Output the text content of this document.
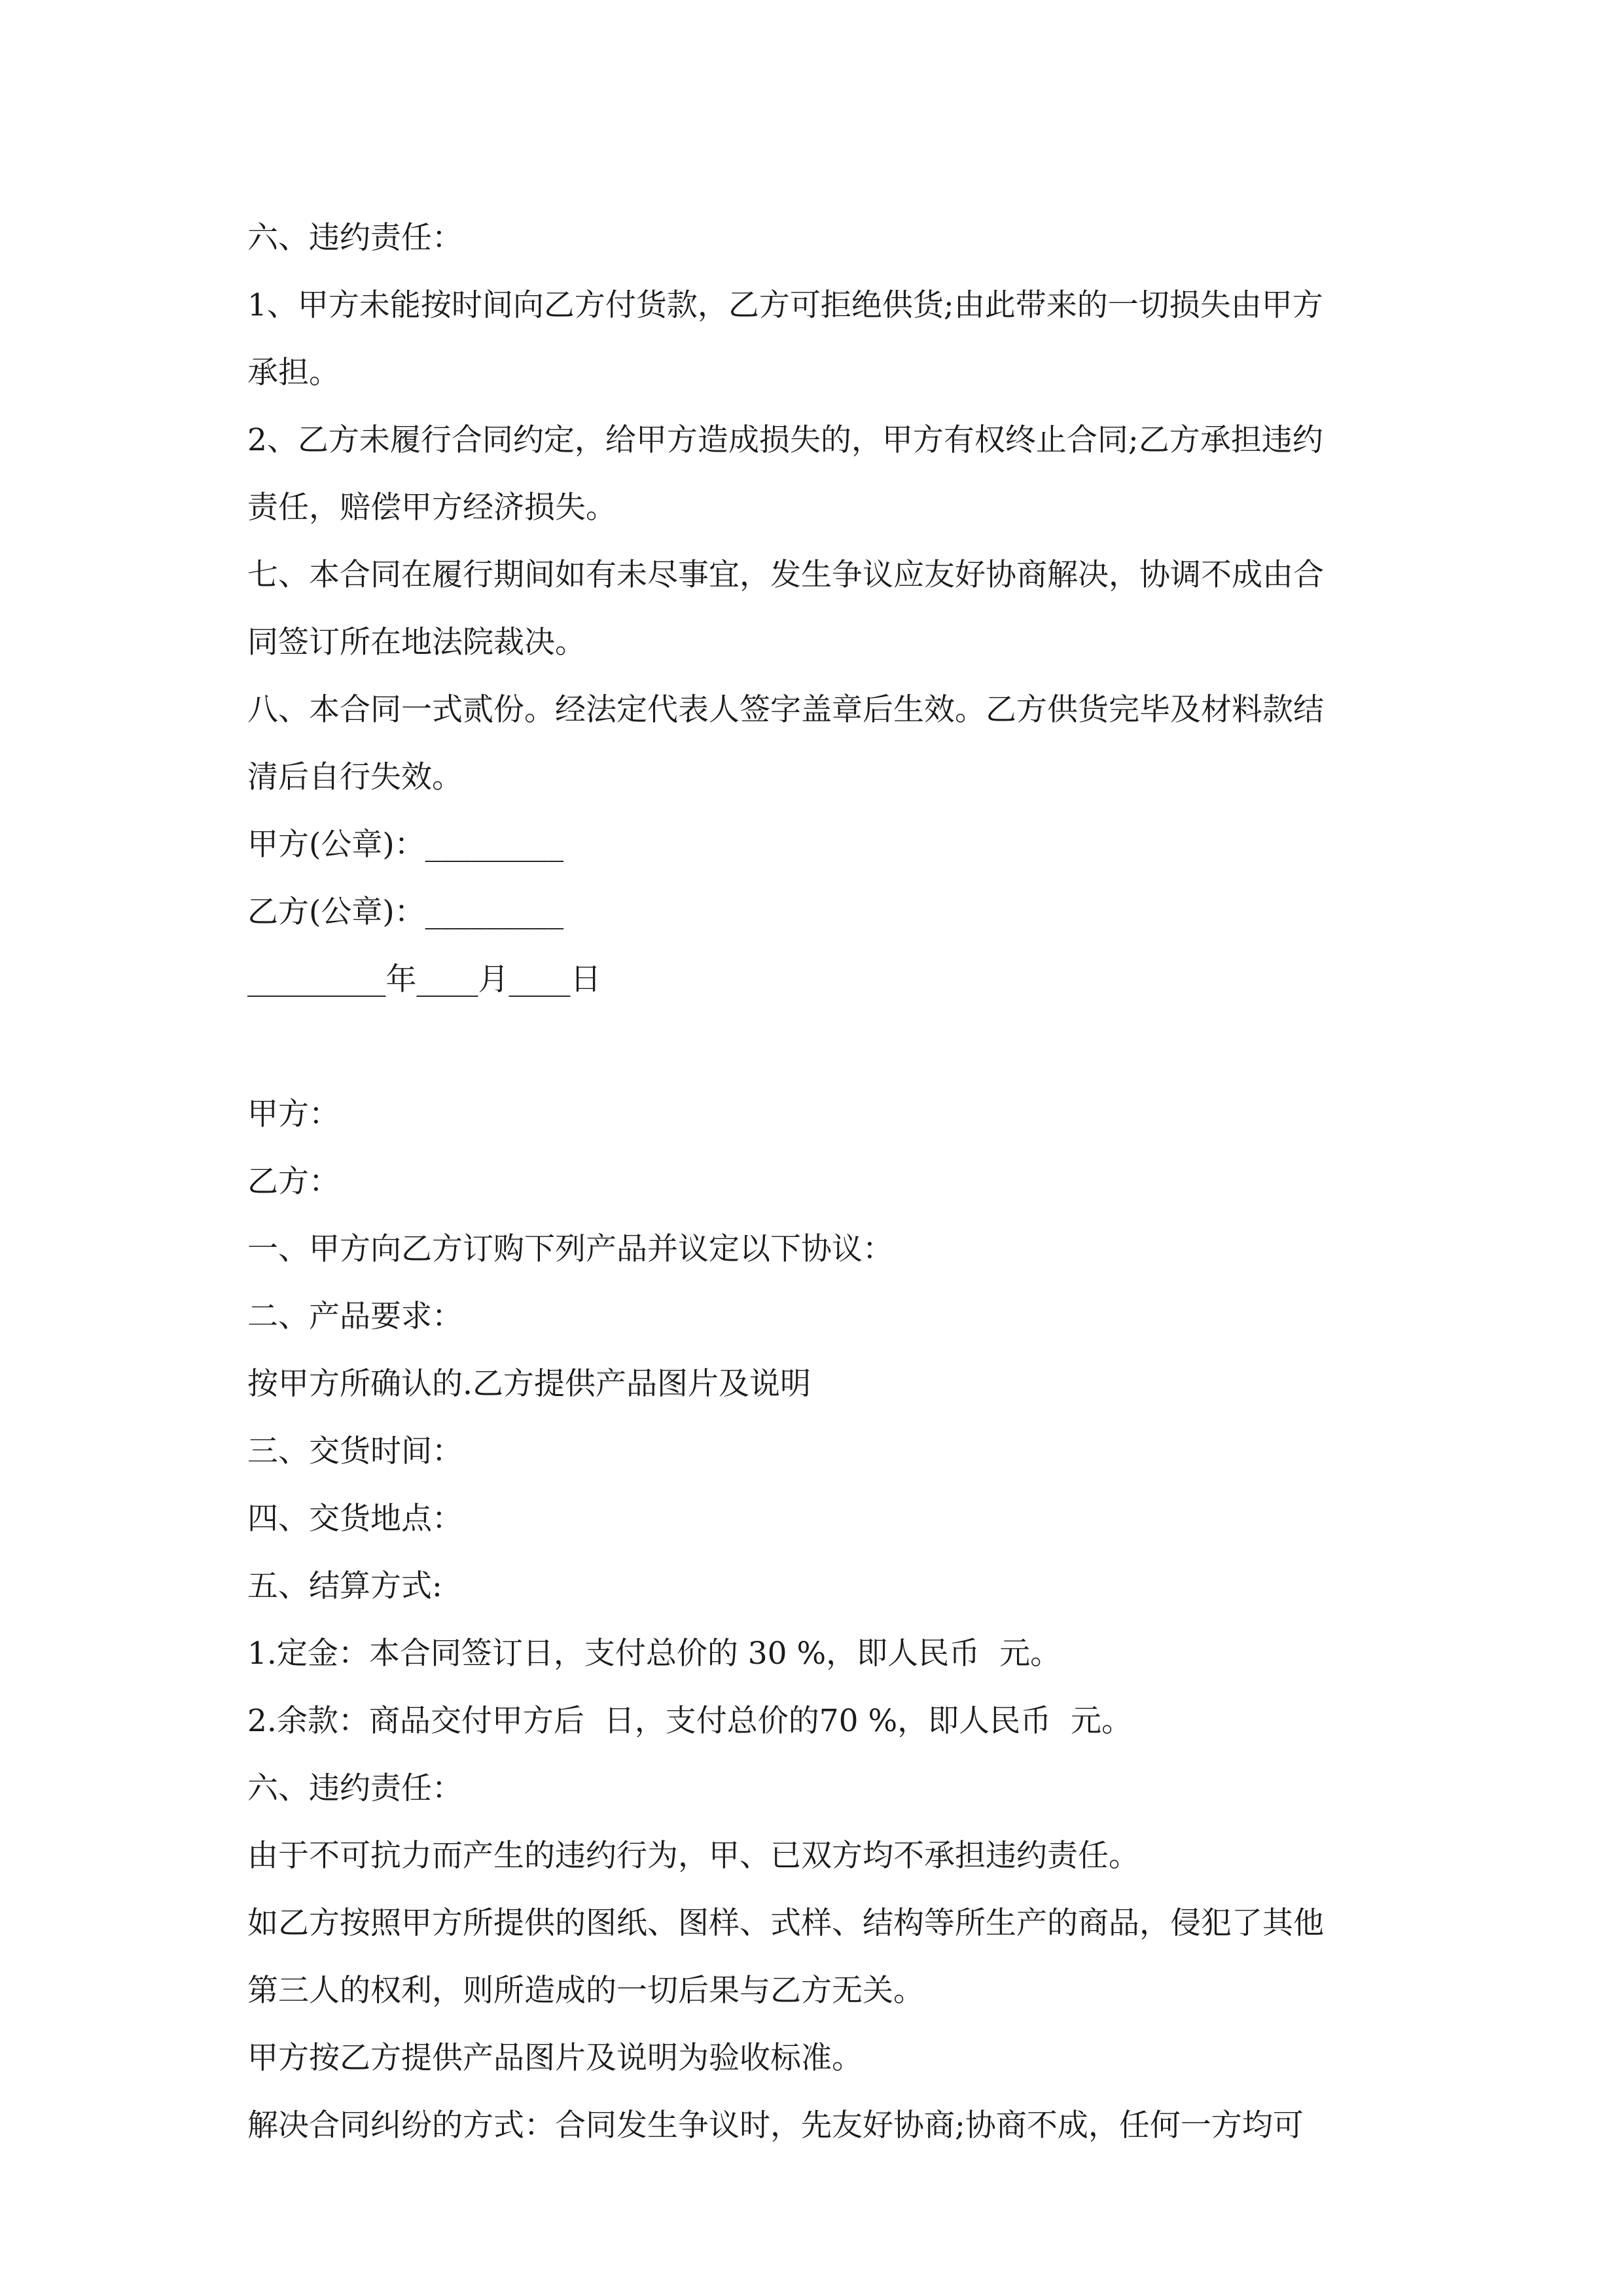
六、违约责任：
1、甲方未能按时间向乙方付货款，乙方可拒绝供货;由此带来的一切损失由甲方
承担。
2、乙方未履行合同约定，给甲方造成损失的，甲方有权终止合同;乙方承担违约
责任，赔偿甲方经济损失。
七、本合同在履行期间如有未尽事宜，发生争议应友好协商解决，协调不成由合
同签订所在地法院裁决。
八、本合同一式贰份。经法定代表人签字盖章后生效。乙方供货完毕及材料款结
清后自行失效。
甲方(公章)：_________
乙方(公章)：_________
_________年____月____日
甲方：
乙方：
一、甲方向乙方订购下列产品并议定以下协议：
二、产品要求：
按甲方所确认的.乙方提供产品图片及说明
三、交货时间：
四、交货地点：
五、结算方式:
1.定金：本合同签订日，支付总价的 30 %，即人民币  元。
2.余款：商品交付甲方后  日，支付总价的70 %，即人民币  元。
六、违约责任：
由于不可抗力而产生的违约行为，甲、已双方均不承担违约责任。
如乙方按照甲方所提供的图纸、图样、式样、结构等所生产的商品，侵犯了其他
第三人的权利，则所造成的一切后果与乙方无关。
甲方按乙方提供产品图片及说明为验收标准。
解决合同纠纷的方式：合同发生争议时，先友好协商;协商不成，任何一方均可
